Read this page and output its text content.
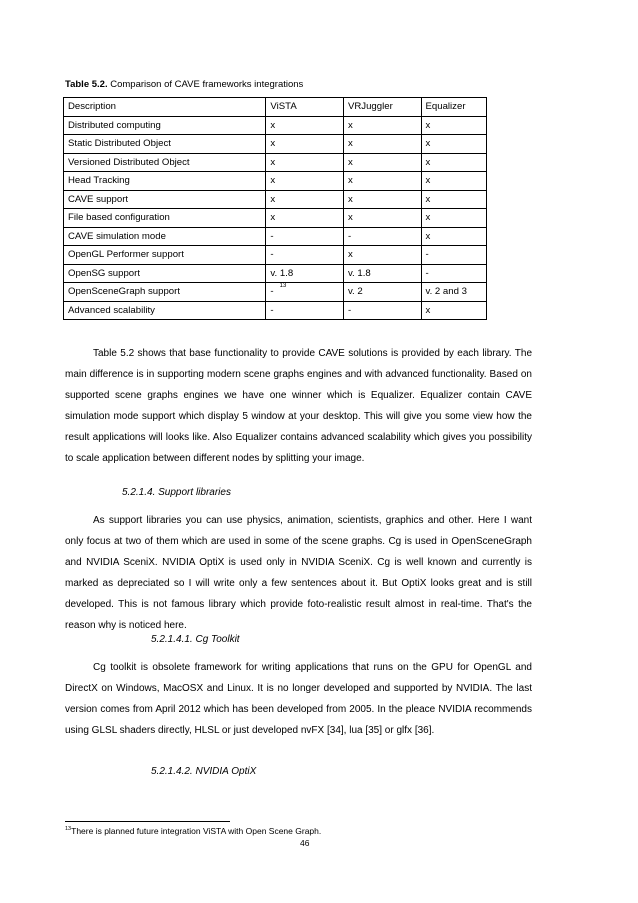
Table 5.2. Comparison of CAVE frameworks integrations
Description	ViSTA	VRJuggler	Equalizer
Distributed computing	x	x	x
Static Distributed Object	x	x	x
Versioned Distributed Object	x	x	x
Head Tracking	x	x	x
CAVE support	x	x	x
File based configuration	x	x	x
CAVE simulation mode	-	-	x
OpenGL Performer support	-	x	-
OpenSG support	v. 1.8	v. 1.8	-
OpenSceneGraph support	-$^{13}$	v. 2	v. 2 and 3
Advanced scalability	-	-	x

Table 5.2 shows that base functionality to provide CAVE solutions is provided by each library. The main difference is in supporting modern scene graphs engines and with advanced functionality. Based on supported scene graphs engines we have one winner which is Equalizer. Equalizer contain CAVE simulation mode support which display 5 window at your desktop. This will give you some view how the result applications will looks like. Also Equalizer contains advanced scalability which gives you possibility to scale application between different nodes by splitting your image.

5.2.1.4. Support libraries

As support libraries you can use physics, animation, scientists, graphics and other. Here I want only focus at two of them which are used in some of the scene graphs. Cg is used in OpenSceneGraph and NVIDIA SceniX. NVIDIA OptiX is used only in NVIDIA SceniX. Cg is well known and currently is marked as depreciated so I will write only a few sentences about it. But OptiX looks great and is still developed. This is not famous library which provide foto-realistic result almost in real-time. That's the reason why is noticed here.

5.2.1.4.1. Cg Toolkit

Cg toolkit is obsolete framework for writing applications that runs on the GPU for OpenGL and DirectX on Windows, MacOSX and Linux. It is no longer developed and supported by NVIDIA. The last version comes from April 2012 which has been developed from 2005. In the pleace NVIDIA recommends using GLSL shaders directly, HLSL or just developed nvFX [34], lua [35] or glfx [36].

5.2.1.4.2. NVIDIA OptiX
$^{13}$There is planned future integration ViSTA with Open Scene Graph.
46
